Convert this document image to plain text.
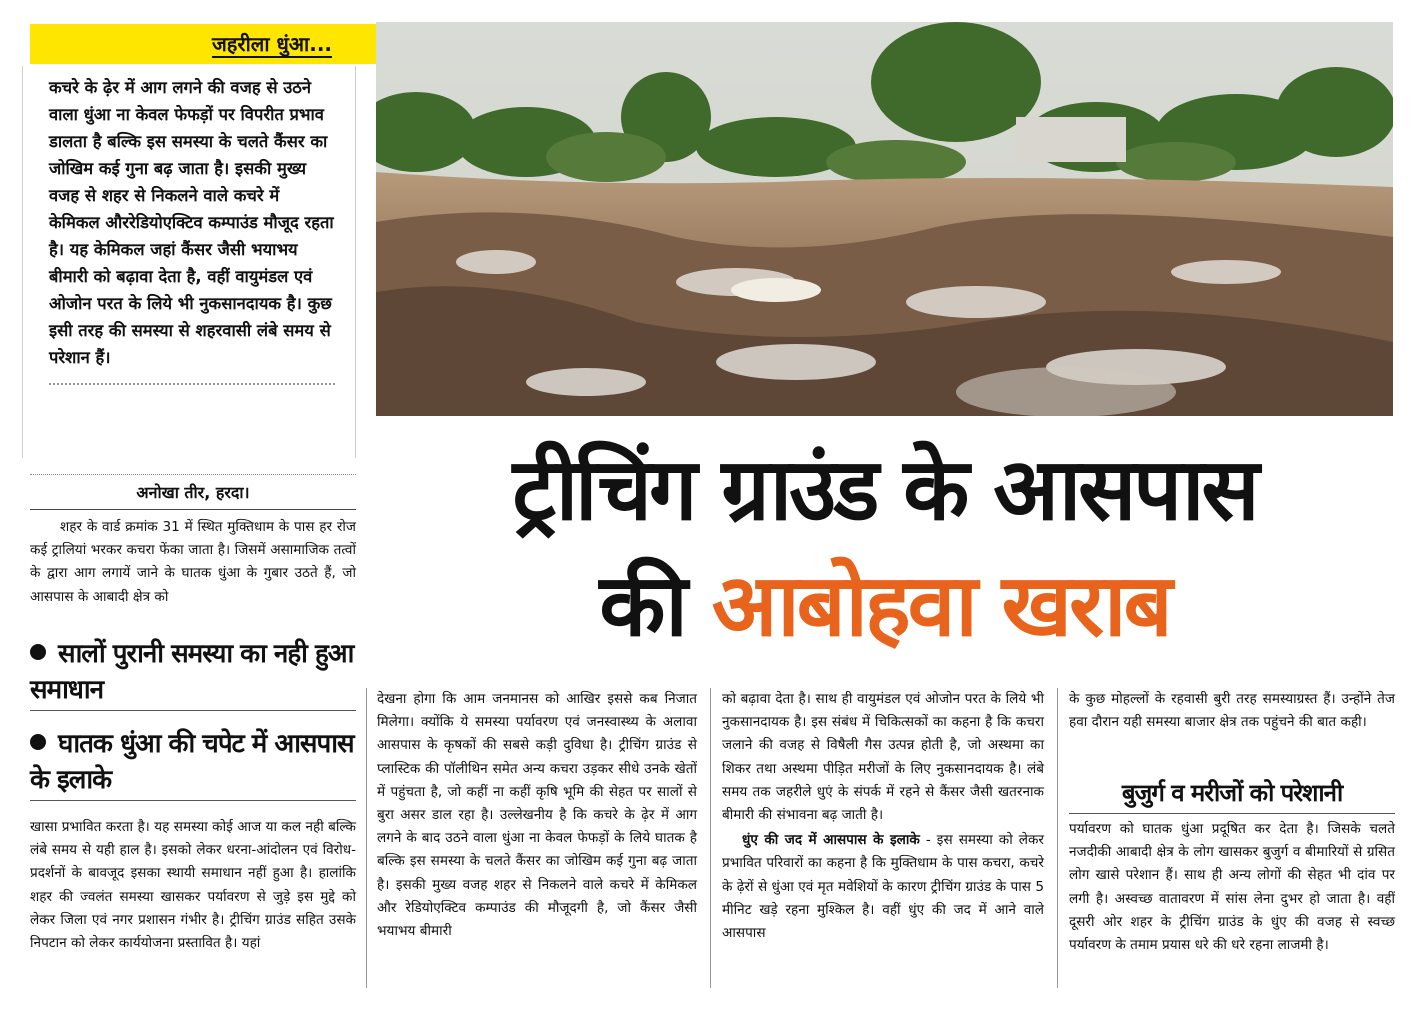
जहरीला धुंआ...

कचरे के ढ़ेर में आग लगने की वजह से उठने वाला धुंआ ना केवल फेफड़ों पर विपरीत प्रभाव डालता है बल्कि इस समस्या के चलते कैंसर का जोखिम कई गुना बढ़ जाता है। इसकी मुख्य वजह से शहर से निकलने वाले कचरे में केमिकल औररेडियोएक्टिव कम्पाउंड मौजूद रहता है। यह केमिकल जहां कैंसर जैसी भयाभय बीमारी को बढ़ावा देता है, वहीं वायुमंडल एवं ओजोन परत के लिये भी नुकसानदायक है। कुछ इसी तरह की समस्या से शहरवासी लंबे समय से परेशान हैं।

ट्रीचिंग ग्राउंड के आसपास
की आबोहवा खराब
अनोखा तीर, हरदा।
शहर के वार्ड क्रमांक 31 में स्थित मुक्तिधाम के पास हर रोज कई ट्रालियां भरकर कचरा फेंका जाता है। जिसमें असामाजिक तत्वों के द्वारा आग लगायें जाने के घातक धुंआ के गुबार उठते हैं, जो आसपास के आबादी क्षेत्र को
सालों पुरानी समस्या का नही हुआ समाधान
घातक धुंआ की चपेट में आसपास के इलाके
खासा प्रभावित करता है। यह समस्या कोई आज या कल नही बल्कि लंबे समय से यही हाल है। इसको लेकर धरना-आंदोलन एवं विरोध-प्रदर्शनों के बावजूद इसका स्थायी समाधान नहीं हुआ है। हालांकि शहर की ज्वलंत समस्या खासकर पर्यावरण से जुड़े इस मुद्दे को लेकर जिला एवं नगर प्रशासन गंभीर है। ट्रीचिंग ग्राउंड सहित उसके निपटान को लेकर कार्ययोजना प्रस्तावित है। यहां
देखना होगा कि आम जनमानस को आखिर इससे कब निजात मिलेगा। क्योंकि ये समस्या पर्यावरण एवं जनस्वास्थ्य के अलावा आसपास के कृषकों की सबसे कड़ी दुविधा है। ट्रीचिंग ग्राउंड से प्लास्टिक की पॉलीथिन समेत अन्य कचरा उड़कर सीधे उनके खेतों में पहुंचता है, जो कहीं ना कहीं कृषि भूमि की सेहत पर सालों से बुरा असर डाल रहा है। उल्लेखनीय है कि कचरे के ढ़ेर में आग लगने के बाद उठने वाला धुंआ ना केवल फेफड़ों के लिये घातक है बल्कि इस समस्या के चलते कैंसर का जोखिम कई गुना बढ़ जाता है। इसकी मुख्य वजह शहर से निकलने वाले कचरे में केमिकल और रेडियोएक्टिव कम्पाउंड की मौजूदगी है, जो कैंसर जैसी भयाभय बीमारी

को बढ़ावा देता है। साथ ही वायुमंडल एवं ओजोन परत के लिये भी नुकसानदायक है। इस संबंध में चिकित्सकों का कहना है कि कचरा जलाने की वजह से विषैली गैस उत्पन्न होती है, जो अस्थमा का शिकर तथा अस्थमा पीड़ित मरीजों के लिए नुकसानदायक है। लंबे समय तक जहरीले धुएं के संपर्क में रहने से कैंसर जैसी खतरनाक बीमारी की संभावना बढ़ जाती है।

धुंए की जद में आसपास के इलाके - इस समस्या को लेकर प्रभावित परिवारों का कहना है कि मुक्तिधाम के पास कचरा, कचरे के ढ़ेरों से धुंआ एवं मृत मवेशियों के कारण ट्रीचिंग ग्राउंड के पास 5 मीनिट खड़े रहना मुश्किल है। वहीं धुंए की जद में आने वाले आसपास

के कुछ मोहल्लों के रहवासी बुरी तरह समस्याग्रस्त हैं। उन्होंने तेज हवा दौरान यही समस्या बाजार क्षेत्र तक पहुंचने की बात कही।

बुजुर्ग व मरीजों को परेशानी
पर्यावरण को घातक धुंआ प्रदूषित कर देता है। जिसके चलते नजदीकी आबादी क्षेत्र के लोग खासकर बुजुर्ग व बीमारियों से ग्रसित लोग खासे परेशान हैं। साथ ही अन्य लोगों की सेहत भी दांव पर लगी है। अस्वच्छ वातावरण में सांस लेना दुभर हो जाता है। वहीं दूसरी ओर शहर के ट्रीचिंग ग्राउंड के धुंए की वजह से स्वच्छ पर्यावरण के तमाम प्रयास धरे की धरे रहना लाजमी है।
